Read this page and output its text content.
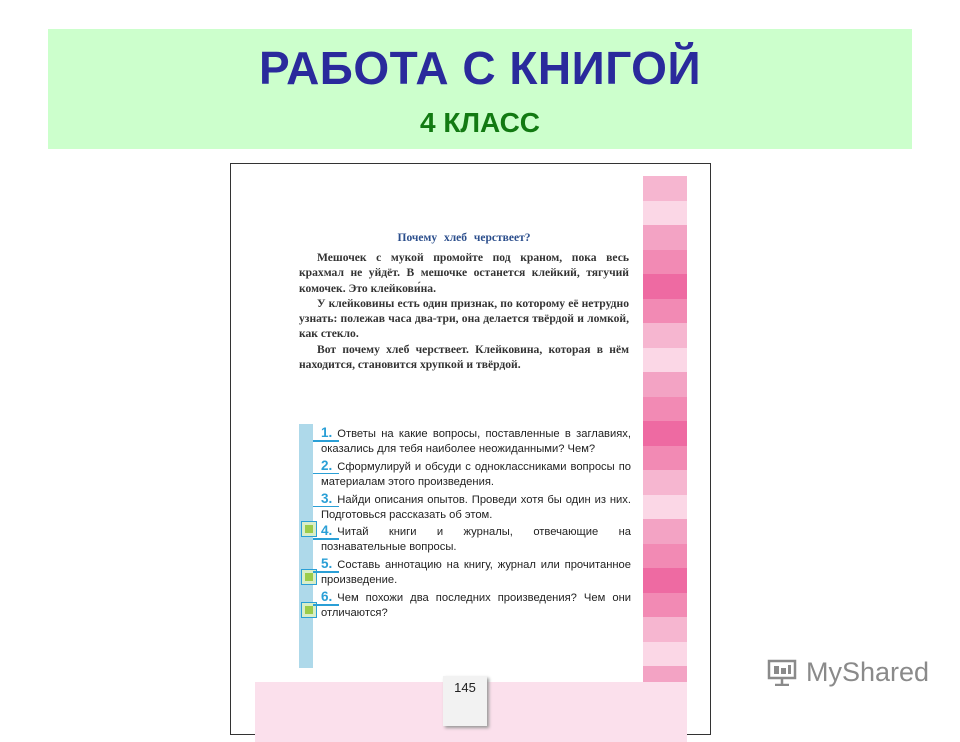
РАБОТА С КНИГОЙ
4 КЛАСС
145
Почему хлеб черствеет?

Мешочек с мукой промойте под краном, пока весь крахмал не уйдёт. В мешочке останется клейкий, тягучий комочек. Это клейкови́на.

У клейковины есть один признак, по которому её нетрудно узнать: полежав часа два-три, она делается твёрдой и ломкой, как стекло.

Вот почему хлеб черствеет. Клейковина, которая в нём находится, становится хрупкой и твёрдой.

1. Ответы на какие вопросы, поставленные в заглавиях, оказались для тебя наиболее неожиданными? Чем?
2. Сформулируй и обсуди с одноклассниками вопросы по материалам этого произведения.
3. Найди описания опытов. Проведи хотя бы один из них. Подготовься рассказать об этом.
4. Читай книги и журналы, отвечающие на познавательные вопросы.
5. Составь аннотацию на книгу, журнал или прочитанное произведение.
6. Чем похожи два последних произведения? Чем они отличаются?
MyShared
